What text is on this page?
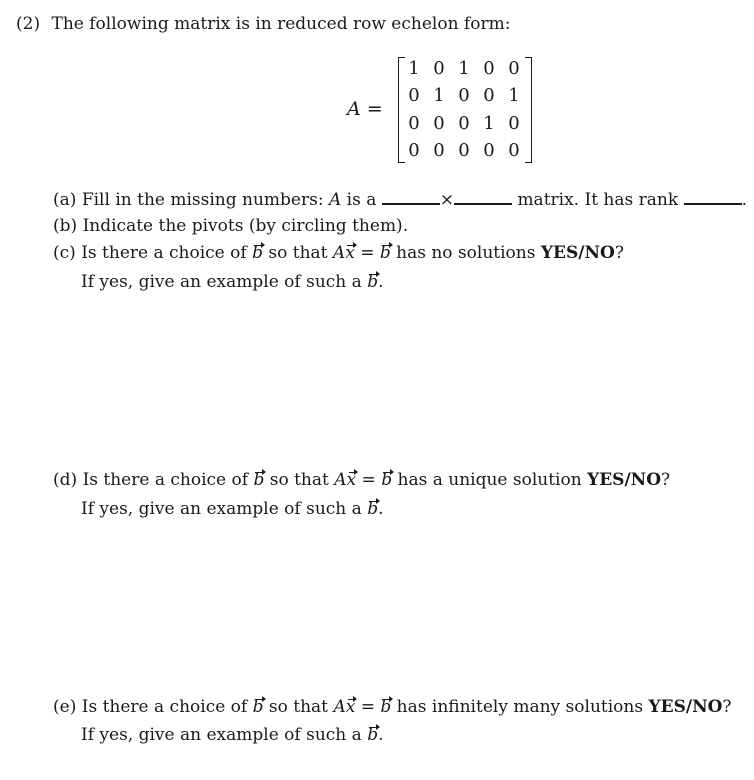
(2) The following matrix is in reduced row echelon form:
A =
1 0 1 0 0
0 1 0 0 1
0 0 0 1 0
0 0 0 0 0
(a) Fill in the missing numbers: A is a	×	matrix. It has rank	.
(b) Indicate the pivots (by circling them).
(c) Is there a choice of b so that Ax = b has no solutions YES/NO?
If yes, give an example of such a b.
(d) Is there a choice of b so that Ax = b has a unique solution YES/NO?
If yes, give an example of such a b.
(e) Is there a choice of b so that Ax = b has infinitely many solutions YES/NO?
If yes, give an example of such a b.
